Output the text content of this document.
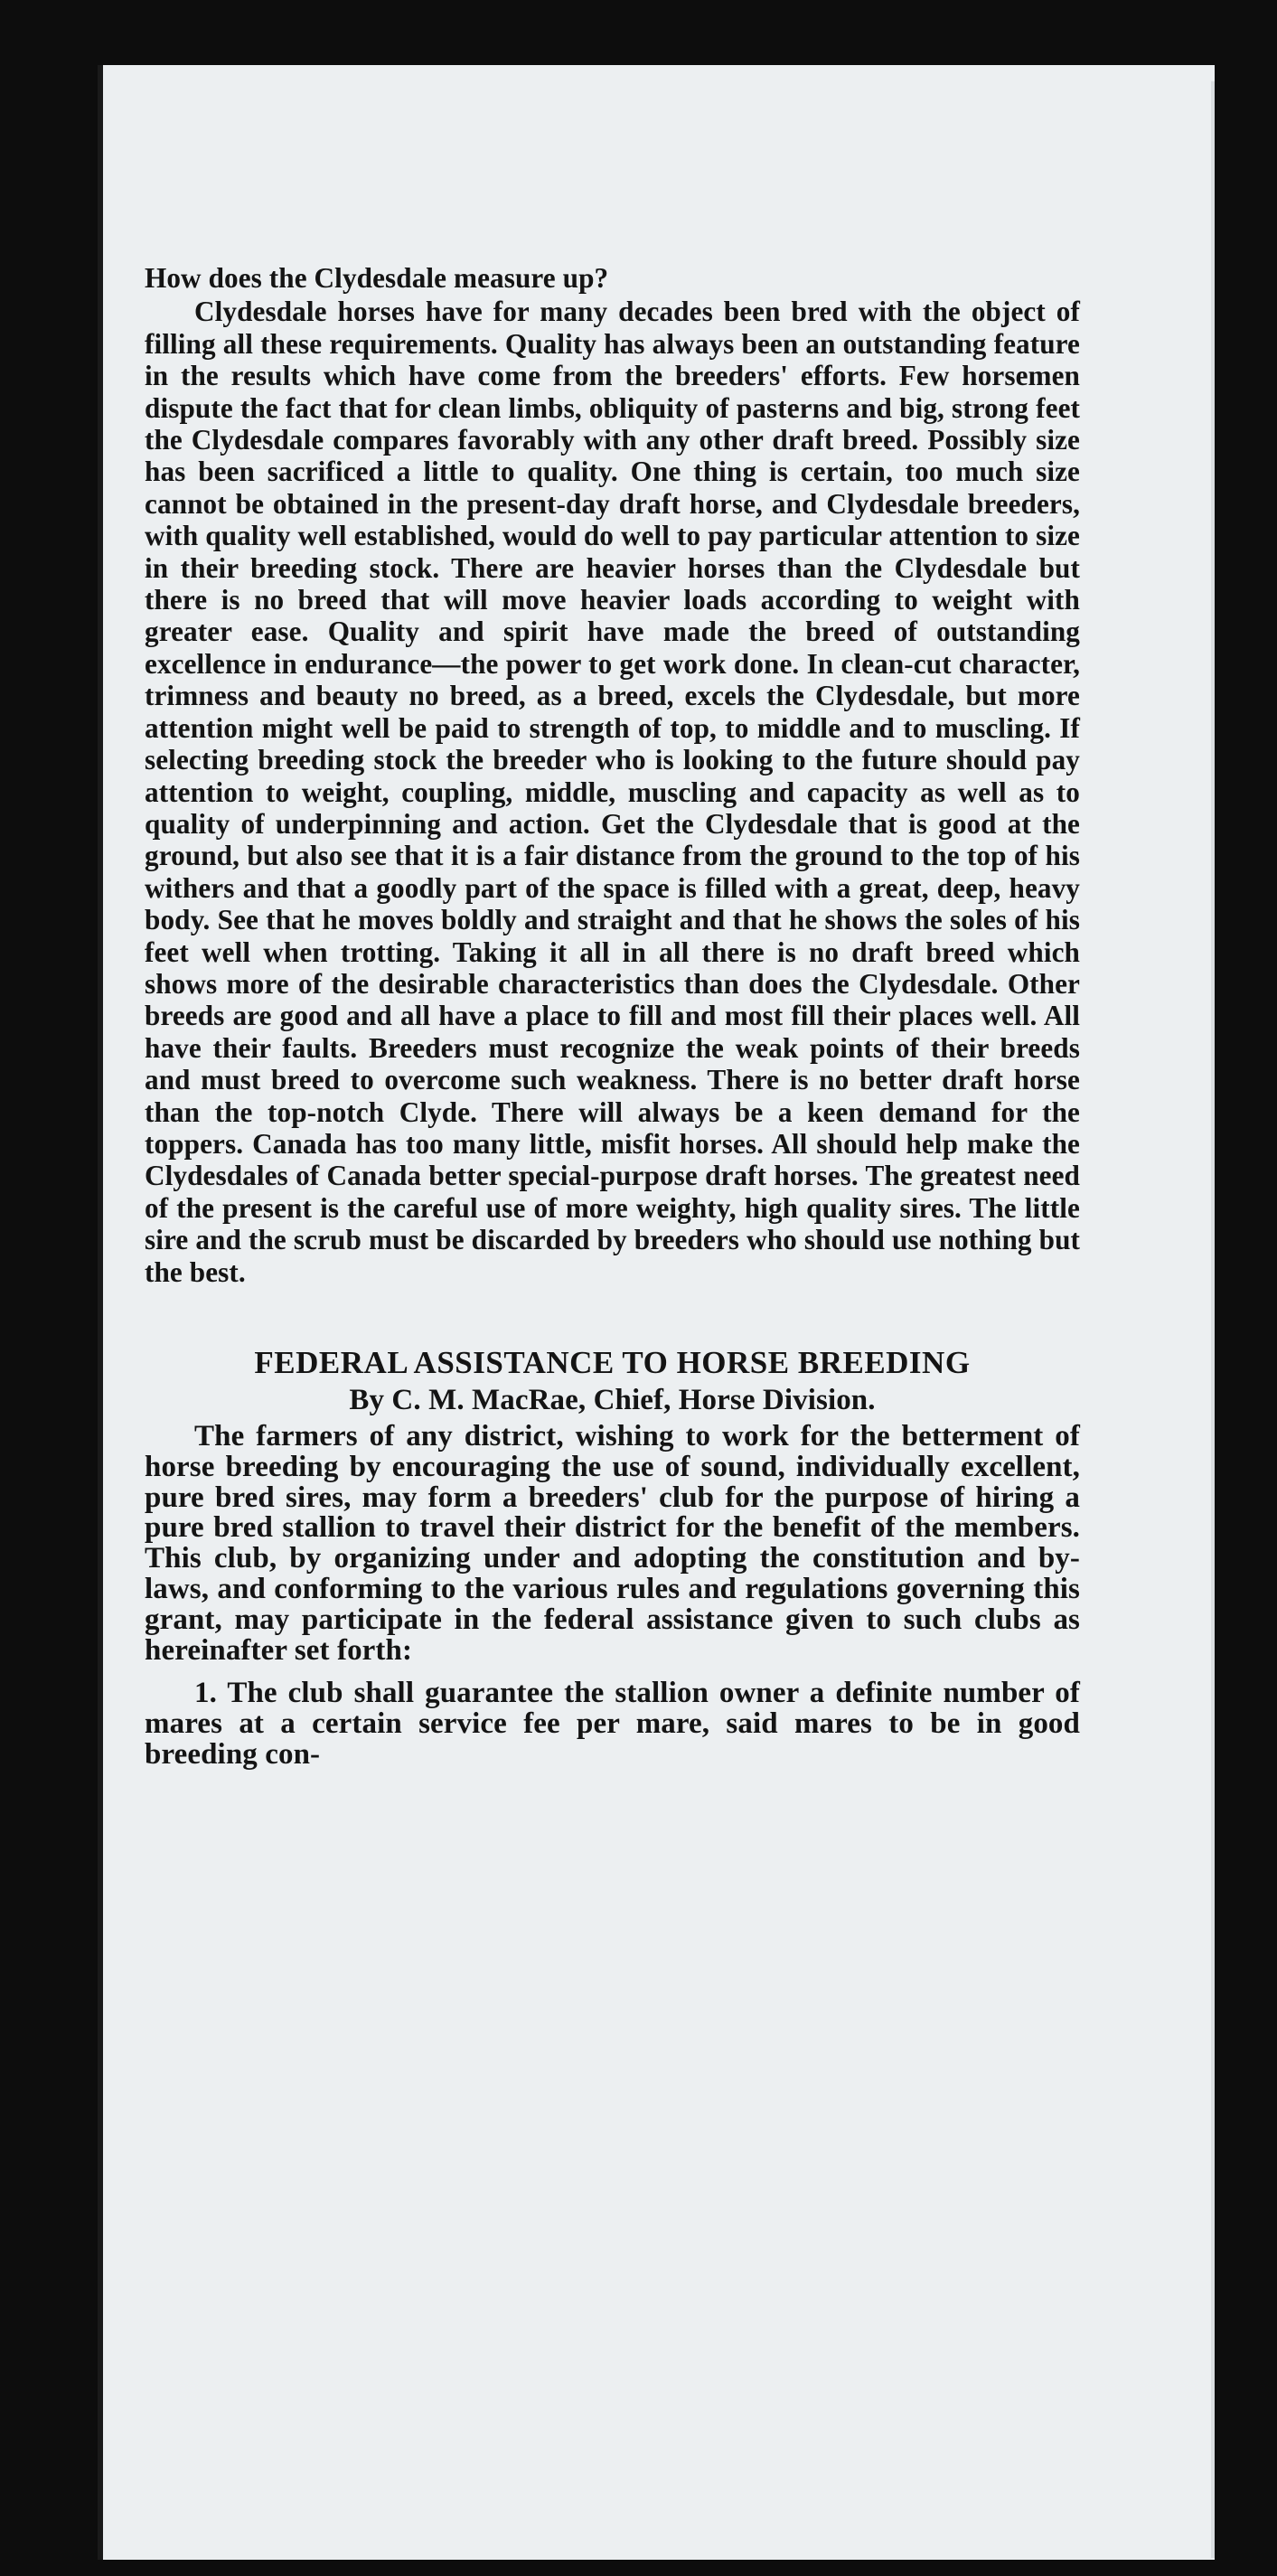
How does the Clydesdale measure up?

Clydesdale horses have for many decades been bred with the object of filling all these requirements. Quality has always been an outstanding feature in the results which have come from the breeders' efforts. Few horsemen dispute the fact that for clean limbs, obliquity of pasterns and big, strong feet the Clydesdale compares favorably with any other draft breed. Possibly size has been sacrificed a little to quality. One thing is certain, too much size cannot be obtained in the present-day draft horse, and Clydesdale breeders, with quality well established, would do well to pay particular attention to size in their breeding stock. There are heavier horses than the Clydesdale but there is no breed that will move heavier loads according to weight with greater ease. Quality and spirit have made the breed of outstanding excellence in endurance—the power to get work done. In clean-cut character, trimness and beauty no breed, as a breed, excels the Clydesdale, but more attention might well be paid to strength of top, to middle and to muscling. If selecting breeding stock the breeder who is looking to the future should pay attention to weight, coupling, middle, muscling and capacity as well as to quality of underpinning and action. Get the Clydesdale that is good at the ground, but also see that it is a fair distance from the ground to the top of his withers and that a goodly part of the space is filled with a great, deep, heavy body. See that he moves boldly and straight and that he shows the soles of his feet well when trotting. Taking it all in all there is no draft breed which shows more of the desirable characteristics than does the Clydesdale. Other breeds are good and all have a place to fill and most fill their places well. All have their faults. Breeders must recognize the weak points of their breeds and must breed to overcome such weakness. There is no better draft horse than the top-notch Clyde. There will always be a keen demand for the toppers. Canada has too many little, misfit horses. All should help make the Clydesdales of Canada better special-purpose draft horses. The greatest need of the present is the careful use of more weighty, high quality sires. The little sire and the scrub must be discarded by breeders who should use nothing but the best.

FEDERAL ASSISTANCE TO HORSE BREEDING

By C. M. MacRae, Chief, Horse Division.

The farmers of any district, wishing to work for the betterment of horse breeding by encouraging the use of sound, individually excellent, pure bred sires, may form a breeders' club for the purpose of hiring a pure bred stallion to travel their district for the benefit of the members. This club, by organizing under and adopting the constitution and by-laws, and conforming to the various rules and regulations governing this grant, may participate in the federal assistance given to such clubs as hereinafter set forth:

1. The club shall guarantee the stallion owner a definite number of mares at a certain service fee per mare, said mares to be in good breeding con-
